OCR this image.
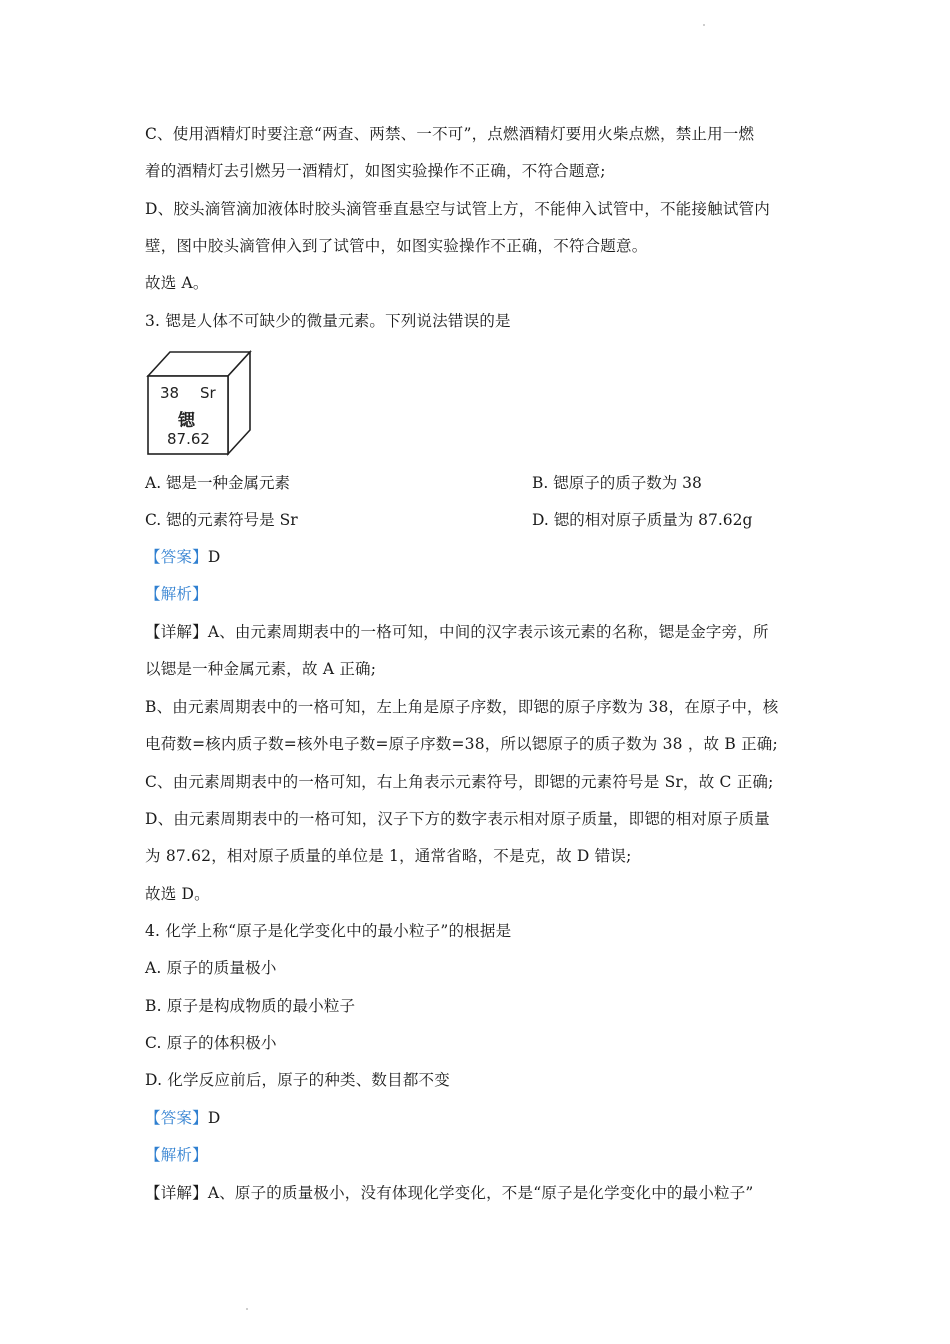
C、使用酒精灯时要注意“两查、两禁、一不可”，点燃酒精灯要用火柴点燃，禁止用一燃
着的酒精灯去引燃另一酒精灯，如图实验操作不正确，不符合题意;
D、胶头滴管滴加液体时胶头滴管垂直悬空与试管上方，不能伸入试管中，不能接触试管内
壁，图中胶头滴管伸入到了试管中，如图实验操作不正确，不符合题意。
故选 A。
3. 锶是人体不可缺少的微量元素。下列说法错误的是
38 Sr
锶
87.62
A. 锶是一种金属元素	B. 锶原子的质子数为 38
C. 锶的元素符号是 Sr	D. 锶的相对原子质量为 87.62g
【答案】D
【解析】
【详解】A、由元素周期表中的一格可知，中间的汉字表示该元素的名称，锶是金字旁，所
以锶是一种金属元素，故 A 正确;
B、由元素周期表中的一格可知，左上角是原子序数，即锶的原子序数为 38，在原子中，核
电荷数=核内质子数=核外电子数=原子序数=38，所以锶原子的质子数为 38 ，故 B 正确;
C、由元素周期表中的一格可知，右上角表示元素符号，即锶的元素符号是 Sr，故 C 正确;
D、由元素周期表中的一格可知，汉子下方的数字表示相对原子质量，即锶的相对原子质量
为 87.62，相对原子质量的单位是 1，通常省略，不是克，故 D 错误;
故选 D。
4. 化学上称“原子是化学变化中的最小粒子”的根据是
A. 原子的质量极小
B. 原子是构成物质的最小粒子
C. 原子的体积极小
D. 化学反应前后，原子的种类、数目都不变
【答案】D
【解析】
【详解】A、原子的质量极小，没有体现化学变化，不是“原子是化学变化中的最小粒子”
